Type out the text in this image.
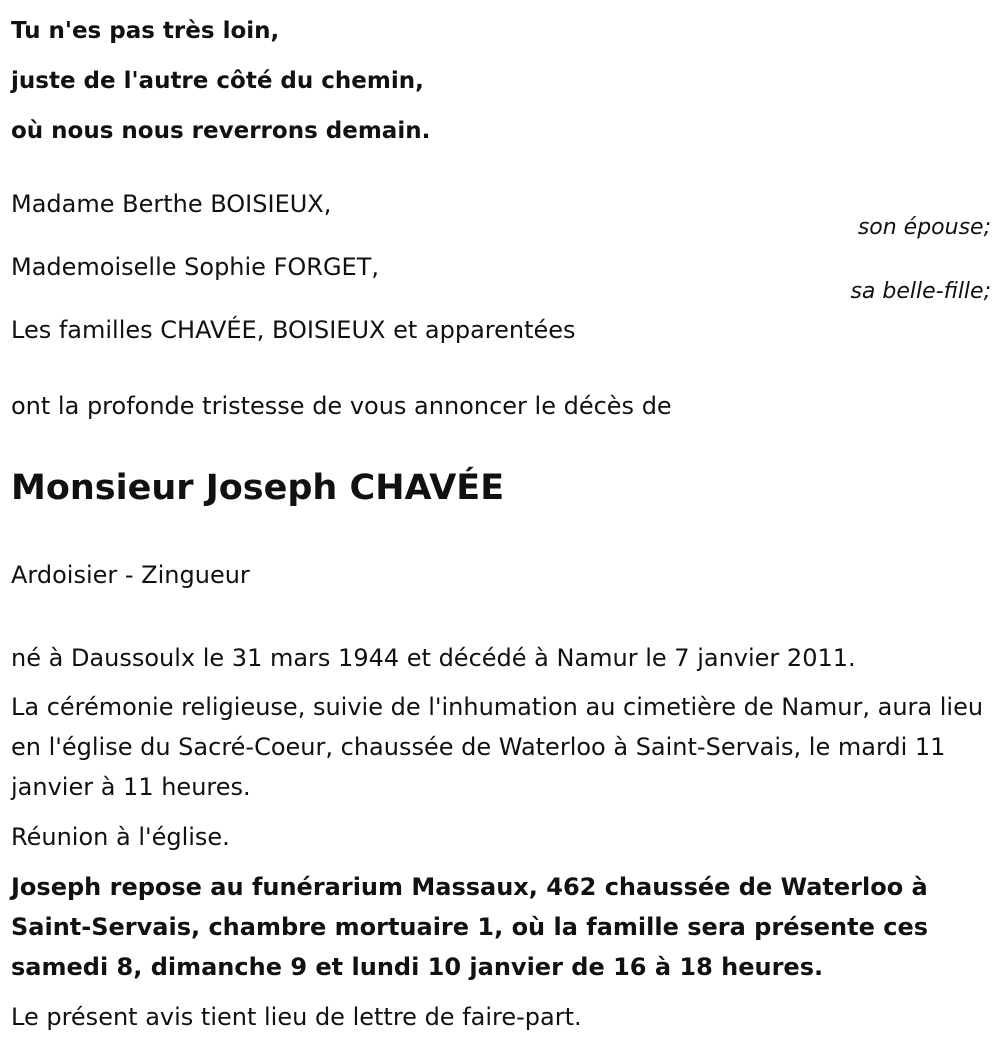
Tu n'es pas très loin,
juste de l'autre côté du chemin,
où nous nous reverrons demain.
Madame Berthe BOISIEUX,
son épouse;
Mademoiselle Sophie FORGET,
sa belle-fille;
Les familles CHAVÉE, BOISIEUX et apparentées
ont la profonde tristesse de vous annoncer le décès de
Monsieur Joseph CHAVÉE
Ardoisier - Zingueur
né à Daussoulx le 31 mars 1944 et décédé à Namur le 7 janvier 2011.
La cérémonie religieuse, suivie de l'inhumation au cimetière de Namur, aura lieu en l'église du Sacré-Coeur, chaussée de Waterloo à Saint-Servais, le mardi 11 janvier à 11 heures.
Réunion à l'église.
Joseph repose au funérarium Massaux, 462 chaussée de Waterloo à Saint-Servais, chambre mortuaire 1, où la famille sera présente ces samedi 8, dimanche 9 et lundi 10 janvier de 16 à 18 heures.
Le présent avis tient lieu de lettre de faire-part.
